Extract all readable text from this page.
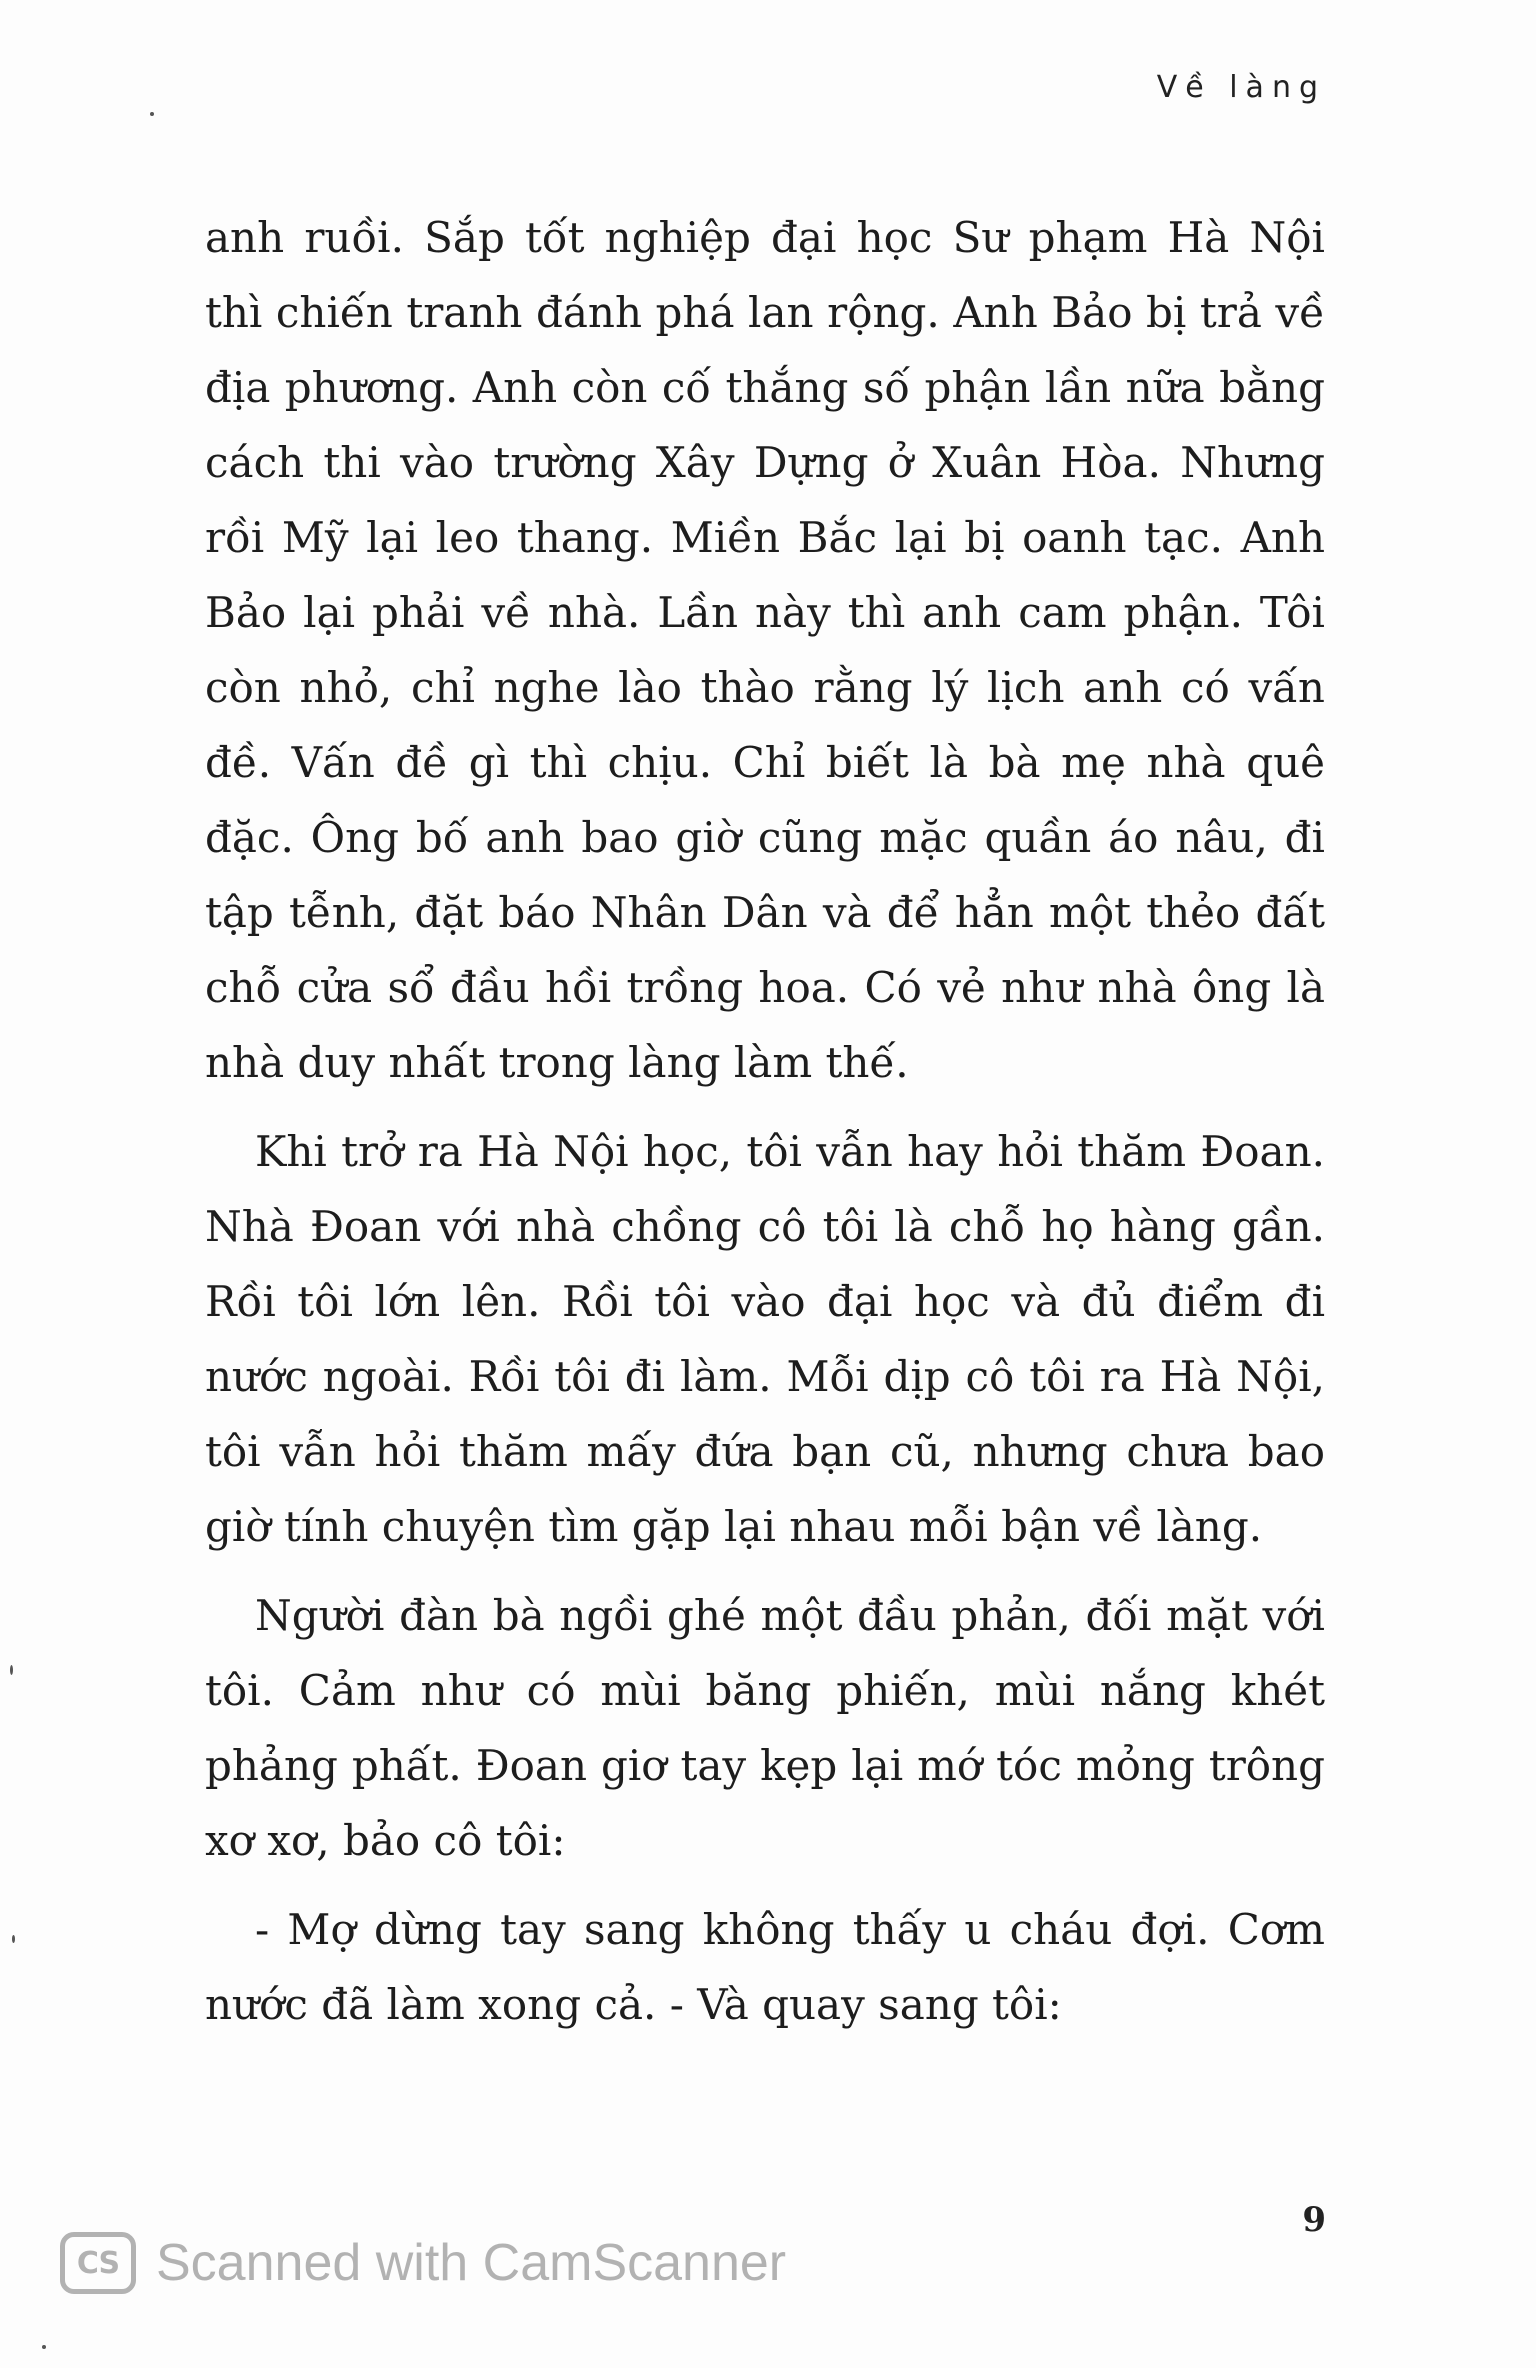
Về làng

anh ruồi. Sắp tốt nghiệp đại học Sư phạm Hà Nội thì chiến tranh đánh phá lan rộng. Anh Bảo bị trả về địa phương. Anh còn cố thắng số phận lần nữa bằng cách thi vào trường Xây Dựng ở Xuân Hòa. Nhưng rồi Mỹ lại leo thang. Miền Bắc lại bị oanh tạc. Anh Bảo lại phải về nhà. Lần này thì anh cam phận. Tôi còn nhỏ, chỉ nghe lào thào rằng lý lịch anh có vấn đề. Vấn đề gì thì chịu. Chỉ biết là bà mẹ nhà quê đặc. Ông bố anh bao giờ cũng mặc quần áo nâu, đi tập tễnh, đặt báo Nhân Dân và để hẳn một thẻo đất chỗ cửa sổ đầu hồi trồng hoa. Có vẻ như nhà ông là nhà duy nhất trong làng làm thế.

Khi trở ra Hà Nội học, tôi vẫn hay hỏi thăm Đoan. Nhà Đoan với nhà chồng cô tôi là chỗ họ hàng gần. Rồi tôi lớn lên. Rồi tôi vào đại học và đủ điểm đi nước ngoài. Rồi tôi đi làm. Mỗi dịp cô tôi ra Hà Nội, tôi vẫn hỏi thăm mấy đứa bạn cũ, nhưng chưa bao giờ tính chuyện tìm gặp lại nhau mỗi bận về làng.

Người đàn bà ngồi ghé một đầu phản, đối mặt với tôi. Cảm như có mùi băng phiến, mùi nắng khét phảng phất. Đoan giơ tay kẹp lại mớ tóc mỏng trông xơ xơ, bảo cô tôi:

- Mợ dừng tay sang không thấy u cháu đợi. Cơm nước đã làm xong cả. - Và quay sang tôi:

9
CS Scanned with CamScanner
